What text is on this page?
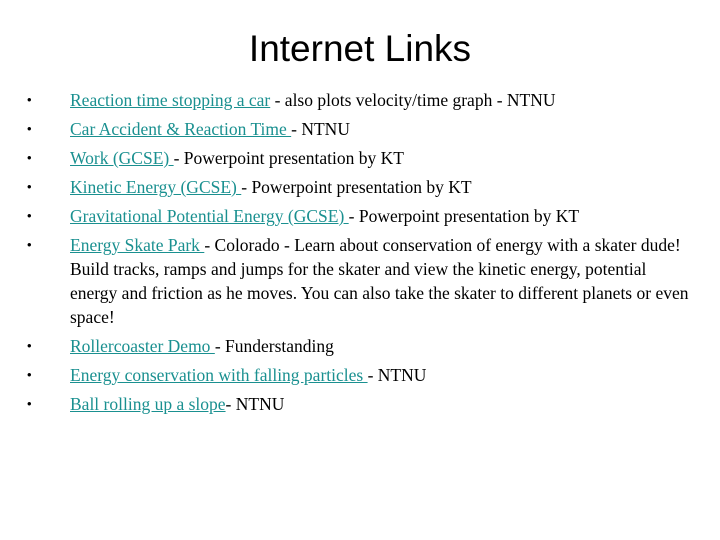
Internet Links
• Reaction time stopping a car - also plots velocity/time graph - NTNU
• Car Accident & Reaction Time - NTNU
• Work (GCSE) - Powerpoint presentation by KT
• Kinetic Energy (GCSE) - Powerpoint presentation by KT
• Gravitational Potential Energy (GCSE) - Powerpoint presentation by KT
• Energy Skate Park - Colorado - Learn about conservation of energy with a skater dude! Build tracks, ramps and jumps for the skater and view the kinetic energy, potential energy and friction as he moves. You can also take the skater to different planets or even space!
• Rollercoaster Demo - Funderstanding
• Energy conservation with falling particles - NTNU
• Ball rolling up a slope- NTNU
